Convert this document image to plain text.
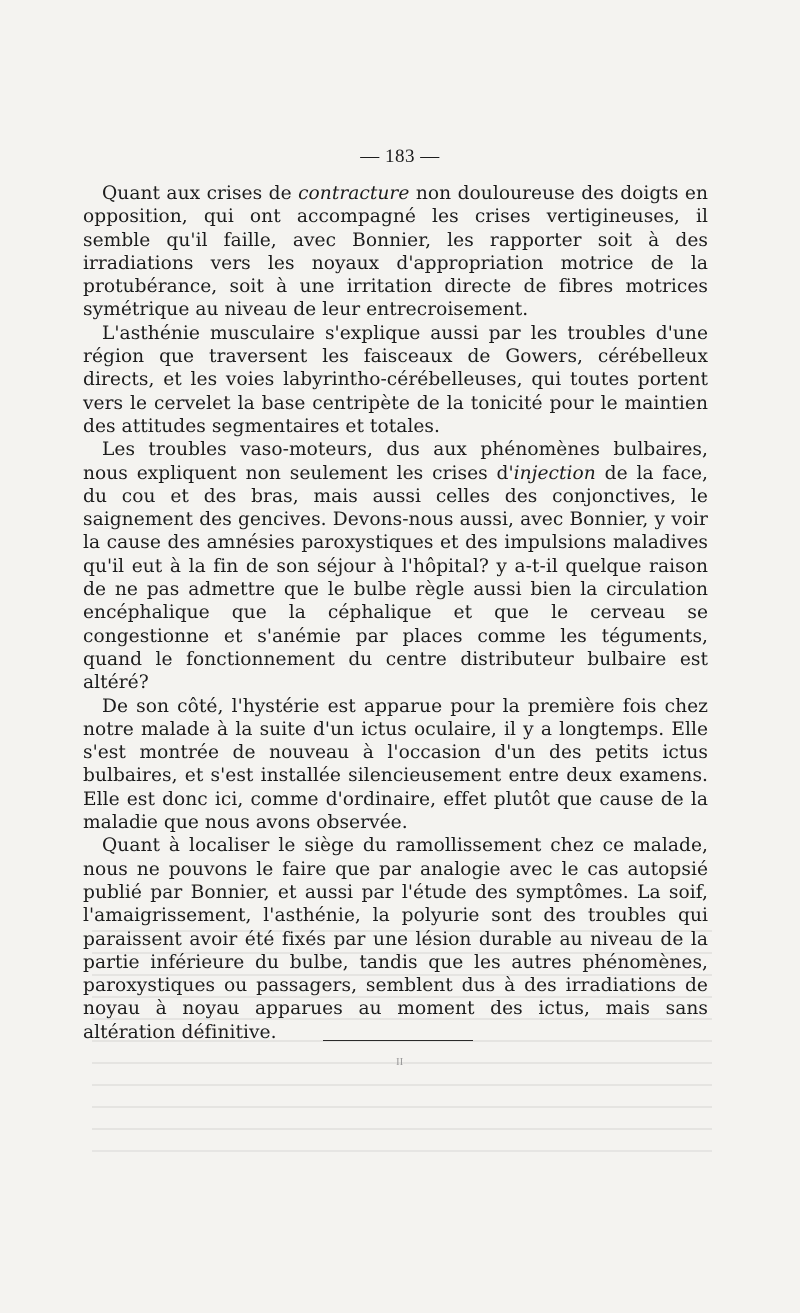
— 183 —

Quant aux crises de contracture non douloureuse des doigts en opposition, qui ont accompagné les crises vertigineuses, il semble qu'il faille, avec Bonnier, les rapporter soit à des irradiations vers les noyaux d'appropriation motrice de la protubérance, soit à une irritation directe de fibres motrices symétrique au niveau de leur entrecroisement.

L'asthénie musculaire s'explique aussi par les troubles d'une région que traversent les faisceaux de Gowers, cérébelleux directs, et les voies labyrintho-cérébelleuses, qui toutes portent vers le cervelet la base centripète de la tonicité pour le maintien des attitudes segmentaires et totales.

Les troubles vaso-moteurs, dus aux phénomènes bulbaires, nous expliquent non seulement les crises d'injection de la face, du cou et des bras, mais aussi celles des conjonctives, le saignement des gencives. Devons-nous aussi, avec Bonnier, y voir la cause des amnésies paroxystiques et des impulsions maladives qu'il eut à la fin de son séjour à l'hôpital? y a-t-il quelque raison de ne pas admettre que le bulbe règle aussi bien la circulation encéphalique que la céphalique et que le cerveau se congestionne et s'anémie par places comme les téguments, quand le fonctionnement du centre distributeur bulbaire est altéré?

De son côté, l'hystérie est apparue pour la première fois chez notre malade à la suite d'un ictus oculaire, il y a longtemps. Elle s'est montrée de nouveau à l'occasion d'un des petits ictus bulbaires, et s'est installée silencieusement entre deux examens. Elle est donc ici, comme d'ordinaire, effet plutôt que cause de la maladie que nous avons observée.

Quant à localiser le siège du ramollissement chez ce malade, nous ne pouvons le faire que par analogie avec le cas autopsié publié par Bonnier, et aussi par l'étude des symptômes. La soif, l'amaigrissement, l'asthénie, la polyurie sont des troubles qui paraissent avoir été fixés par une lésion durable au niveau de la partie inférieure du bulbe, tandis que les autres phénomènes, paroxystiques ou passagers, semblent dus à des irradiations de noyau à noyau apparues au moment des ictus, mais sans altération définitive.

II
